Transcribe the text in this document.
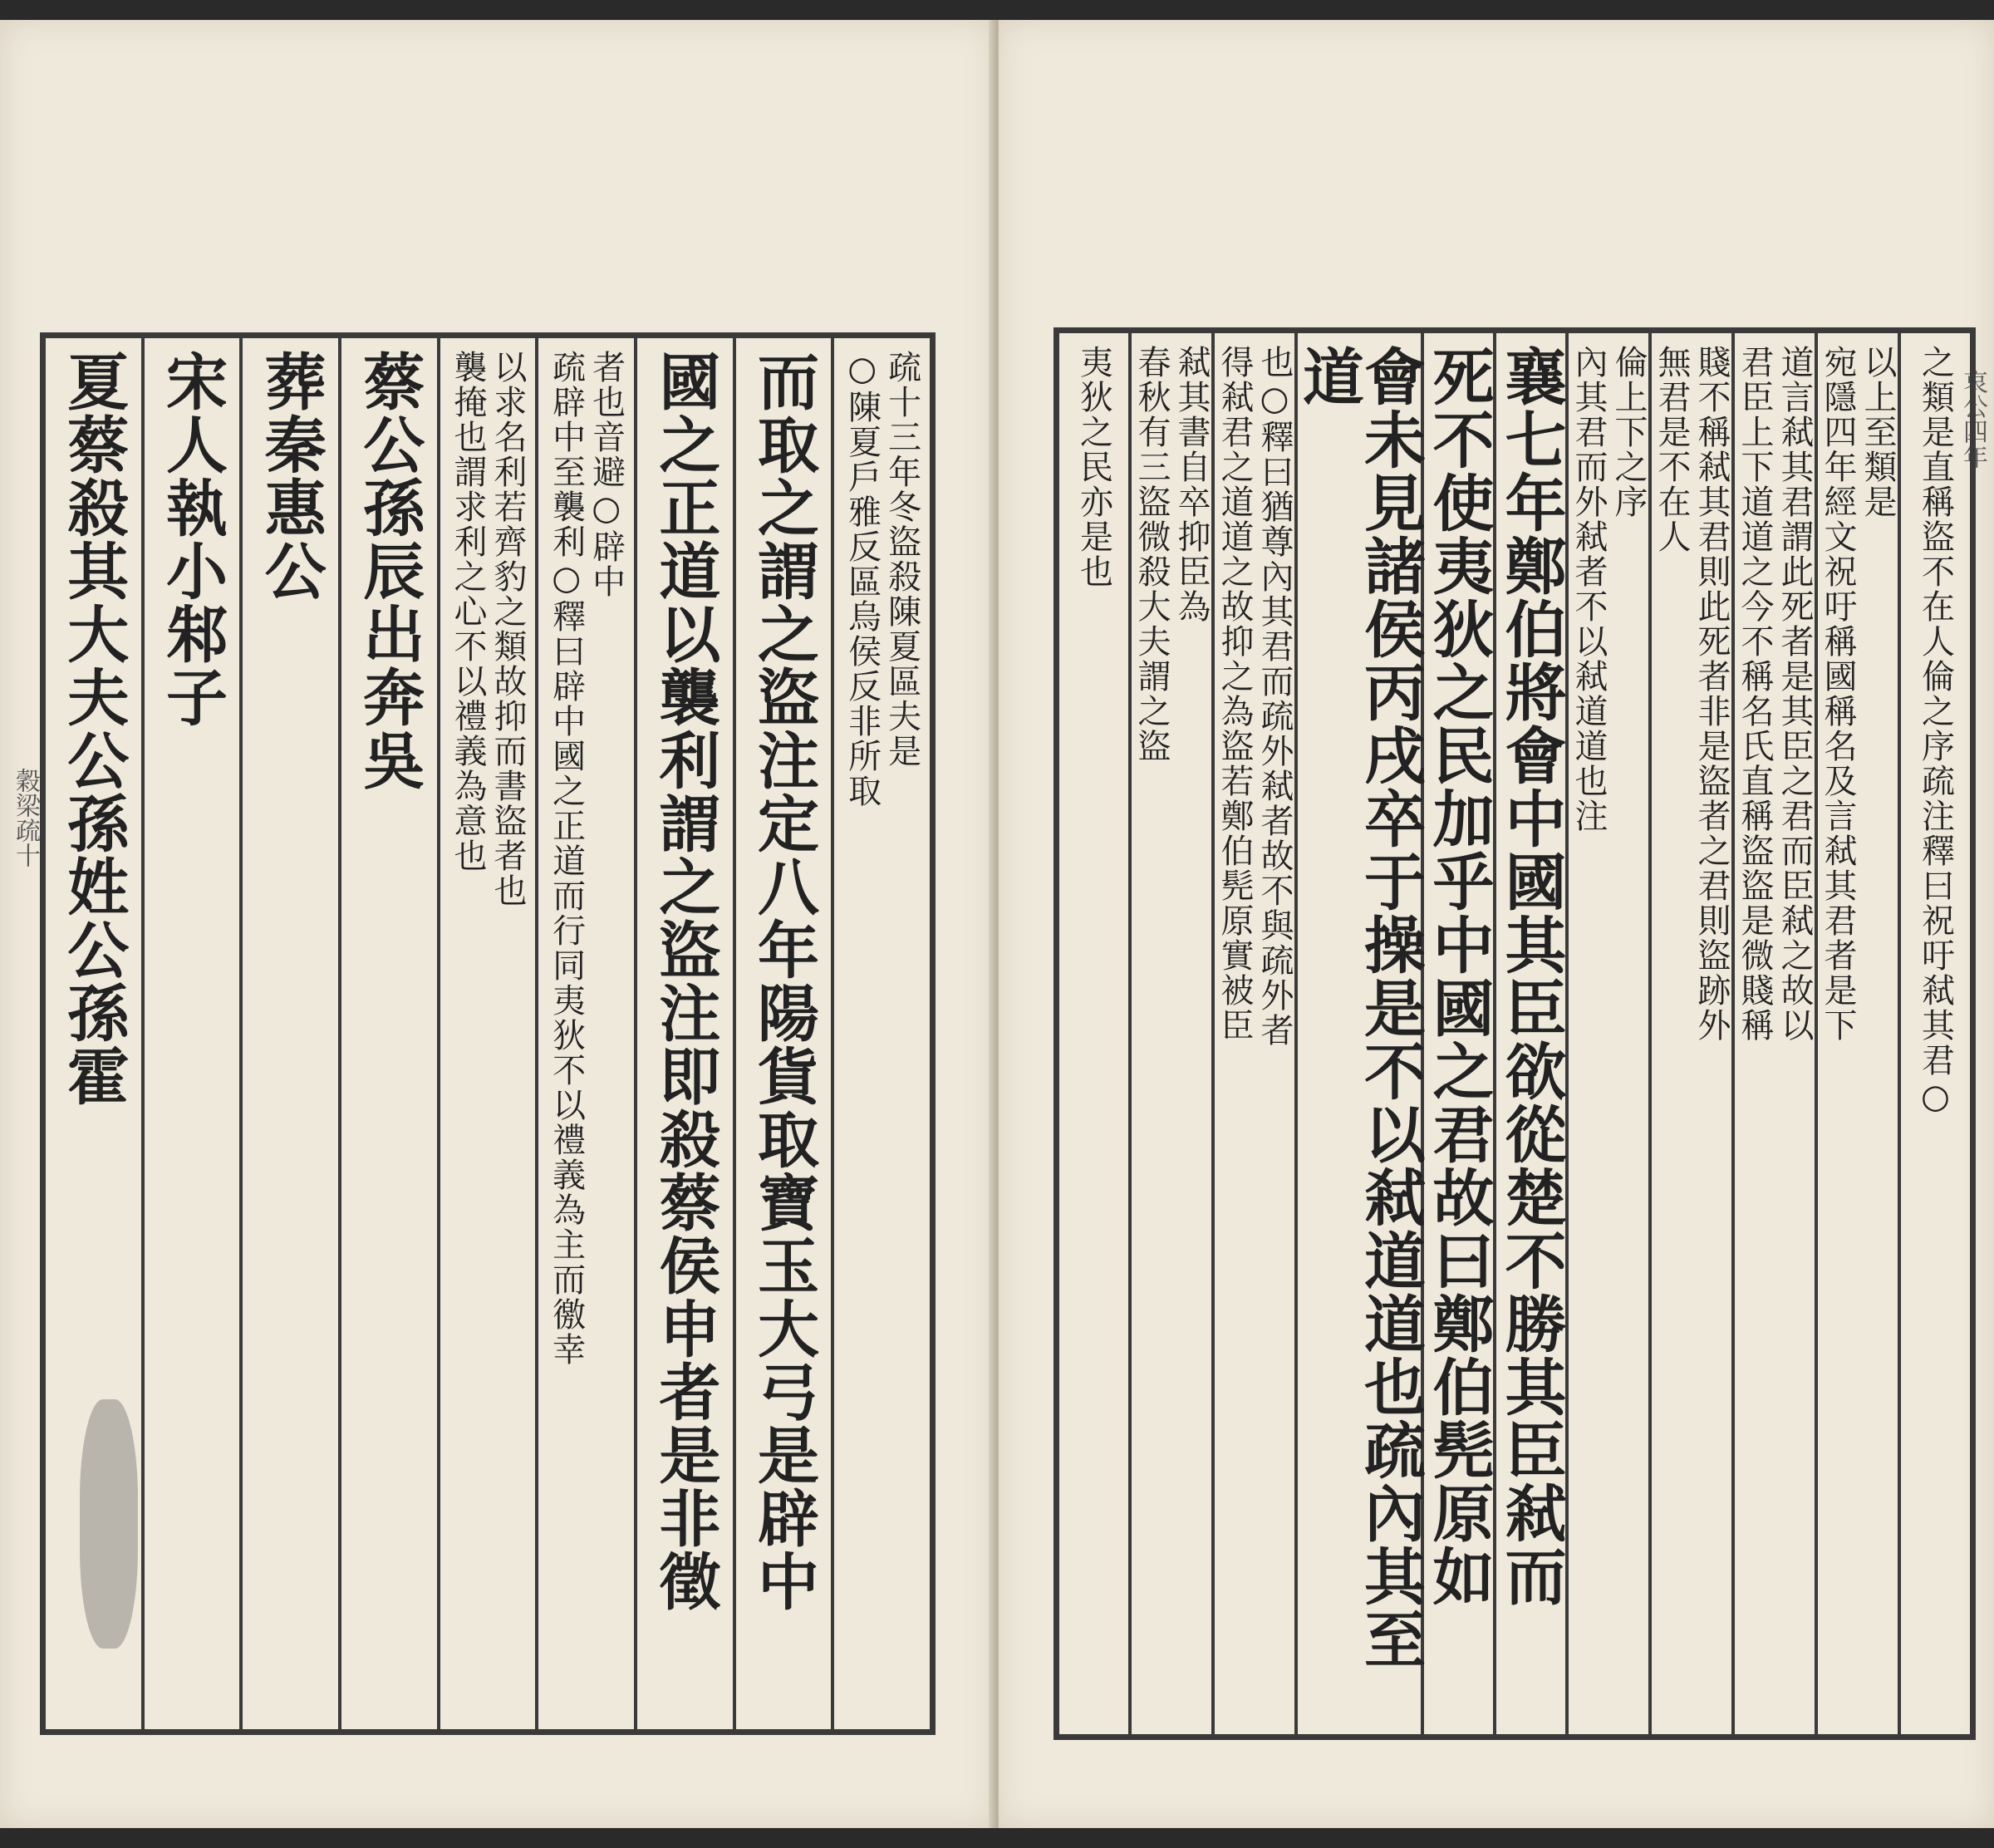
穀梁疏十
疏十三年冬盜殺陳夏區夫是
○陳夏戶雅反區烏侯反非所取
而取之謂之盜注定八年陽貨取寶玉大弓是辟中
國之正道以襲利謂之盜注即殺蔡侯申者是非徵
者也音避○辟中
疏辟中至襲利○釋曰辟中國之正道而行同夷狄不以禮義為主而徼幸
以求名利若齊豹之類故抑而書盜者也
襲掩也謂求利之心不以禮義為意也
蔡公孫辰出奔吳
葬秦惠公
宋人執小邾子
夏蔡殺其大夫公孫姓公孫霍	哀公四年
之類是直稱盜不在人倫之序疏注釋曰祝吁弒其君○
以上至類是
宛隱四年經文祝吁稱國稱名及言弒其君者是下
道言弒其君謂此死者是其臣之君而臣弒之故以
君臣上下道道之今不稱名氏直稱盜盜是微賤稱
賤不稱弒其君則此死者非是盜者之君則盜跡外
無君是不在人
倫上下之序
內其君而外弒者不以弒道道也注
襄七年鄭伯將會中國其臣欲從楚不勝其臣弒而
死不使夷狄之民加乎中國之君故曰鄭伯髡原如
會未見諸侯丙戌卒于操是不以弒道道也疏內其至道
也○釋曰猶尊內其君而疏外弒者故不與疏外者
得弒君之道道之故抑之為盜若鄭伯髡原實被臣
弒其書自卒抑臣為
春秋有三盜微殺大夫謂之盜
夷狄之民亦是也
